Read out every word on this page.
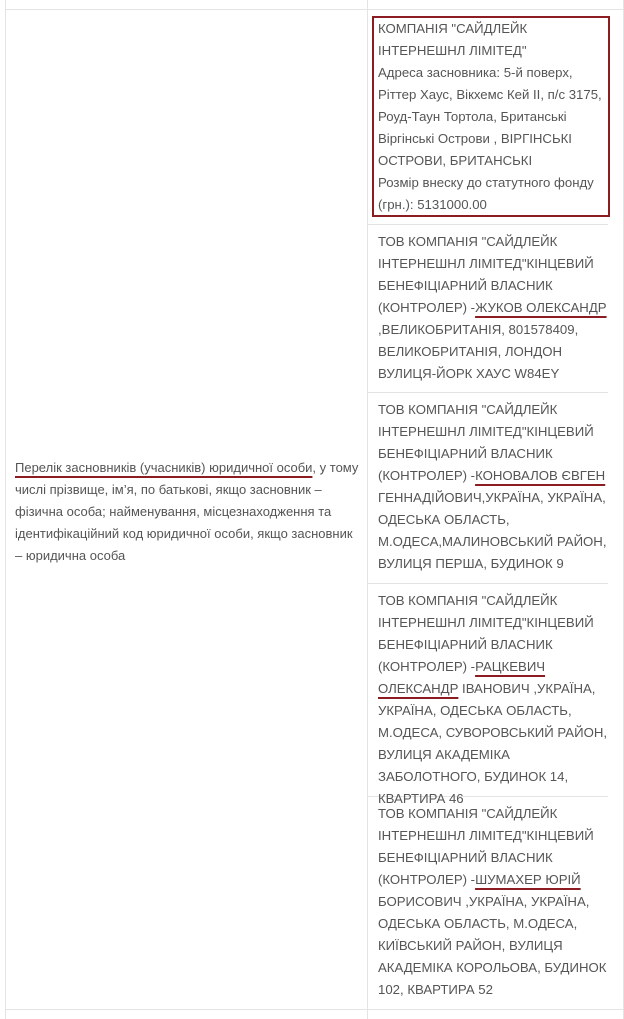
Перелік засновників (учасників) юридичної особи, у тому числі прізвище, ім’я, по батькові, якщо засновник – фізична особа; найменування, місцезнаходження та ідентифікаційний код юридичної особи, якщо засновник – юридична особа
КОМПАНІЯ "САЙДЛЕЙК ІНТЕРНЕШНЛ ЛІМІТЕД"
Адреса засновника: 5-й поверх, Ріттер Хаус, Вікхемс Кей ІІ, п/с 3175, Роуд-Таун Тортола, Британські Віргінські Острови , ВІРГІНСЬКІ ОСТРОВИ, БРИТАНСЬКІ
Розмір внеску до статутного фонду (грн.): 5131000.00
ТОВ КОМПАНІЯ "САЙДЛЕЙК ІНТЕРНЕШНЛ ЛІМІТЕД"КІНЦЕВИЙ БЕНЕФІЦІАРНИЙ ВЛАСНИК (КОНТРОЛЕР) -ЖУКОВ ОЛЕКСАНДР ,ВЕЛИКОБРИТАНІЯ, 801578409, ВЕЛИКОБРИТАНІЯ, ЛОНДОН ВУЛИЦЯ-ЙОРК ХАУС W84EY
ТОВ КОМПАНІЯ "САЙДЛЕЙК ІНТЕРНЕШНЛ ЛІМІТЕД"КІНЦЕВИЙ БЕНЕФІЦІАРНИЙ ВЛАСНИК (КОНТРОЛЕР) -КОНОВАЛОВ ЄВГЕН ГЕННАДІЙОВИЧ,УКРАЇНА, УКРАЇНА, ОДЕСЬКА ОБЛАСТЬ, М.ОДЕСА,МАЛИНОВСЬКИЙ РАЙОН, ВУЛИЦЯ ПЕРША, БУДИНОК 9
ТОВ КОМПАНІЯ "САЙДЛЕЙК ІНТЕРНЕШНЛ ЛІМІТЕД"КІНЦЕВИЙ БЕНЕФІЦІАРНИЙ ВЛАСНИК (КОНТРОЛЕР) -РАЦКЕВИЧ ОЛЕКСАНДР ІВАНОВИЧ ,УКРАЇНА, УКРАЇНА, ОДЕСЬКА ОБЛАСТЬ, М.ОДЕСА, СУВОРОВСЬКИЙ РАЙОН, ВУЛИЦЯ АКАДЕМІКА ЗАБОЛОТНОГО, БУДИНОК 14, КВАРТИРА 46
ТОВ КОМПАНІЯ "САЙДЛЕЙК ІНТЕРНЕШНЛ ЛІМІТЕД"КІНЦЕВИЙ БЕНЕФІЦІАРНИЙ ВЛАСНИК (КОНТРОЛЕР) -ШУМАХЕР ЮРІЙ БОРИСОВИЧ ,УКРАЇНА, УКРАЇНА, ОДЕСЬКА ОБЛАСТЬ, М.ОДЕСА, КИЇВСЬКИЙ РАЙОН, ВУЛИЦЯ АКАДЕМІКА КОРОЛЬОВА, БУДИНОК 102, КВАРТИРА 52
